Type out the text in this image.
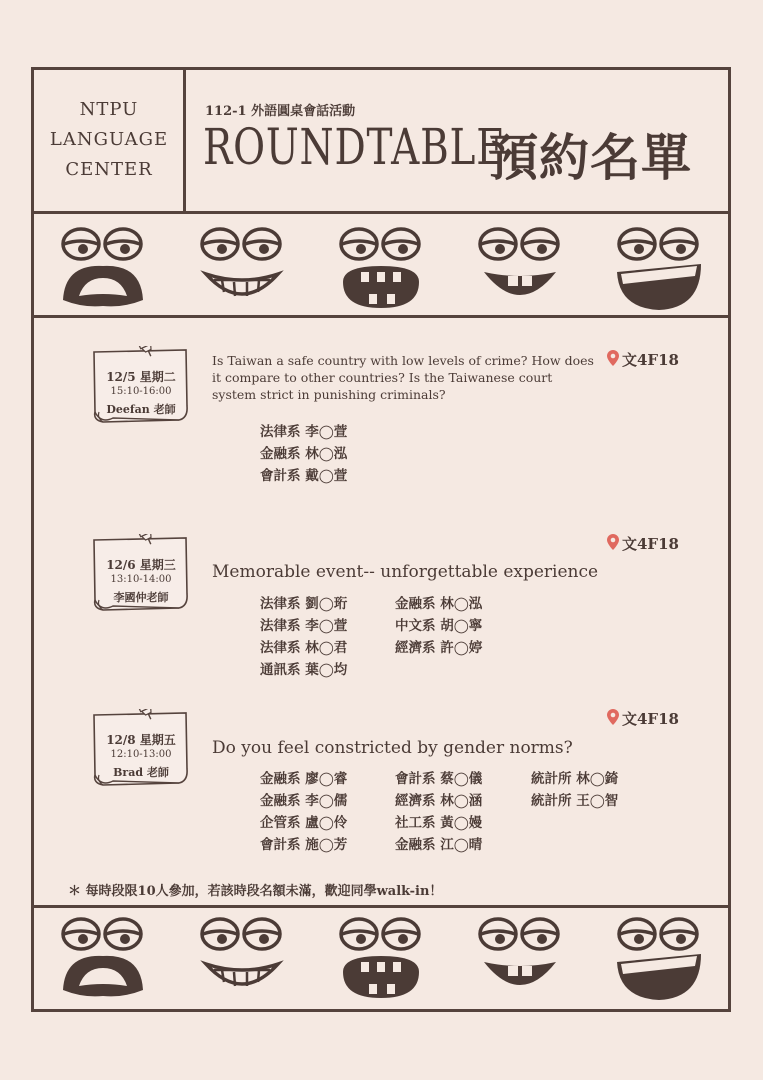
NTPU
LANGUAGE
CENTER
112-1 外語圓桌會話活動
ROUNDTABLE
預約名單
12/5 星期二
15:10-16:00
Deefan 老師
12/6 星期三
13:10-14:00
李國仲老師
12/8 星期五
12:10-13:00
Brad 老師
文4F18
文4F18
文4F18
Is Taiwan a safe country with low levels of crime? How does it compare to other countries? Is the Taiwanese court system strict in punishing criminals?
Memorable event-- unforgettable experience
Do you feel constricted by gender norms?
法律系 李◯萱
金融系 林◯泓
會計系 戴◯萱
法律系 劉◯珩
法律系 李◯萱
法律系 林◯君
通訊系 葉◯均
金融系 林◯泓
中文系 胡◯寧
經濟系 許◯婷
金融系 廖◯睿
金融系 李◯儒
企管系 盧◯伶
會計系 施◯芳
會計系 蔡◯儀
經濟系 林◯涵
社工系 黃◯嫚
金融系 江◯晴
統計所 林◯錡
統計所 王◯智
＊ 每時段限10人參加，若該時段名額未滿，歡迎同學walk-in！
